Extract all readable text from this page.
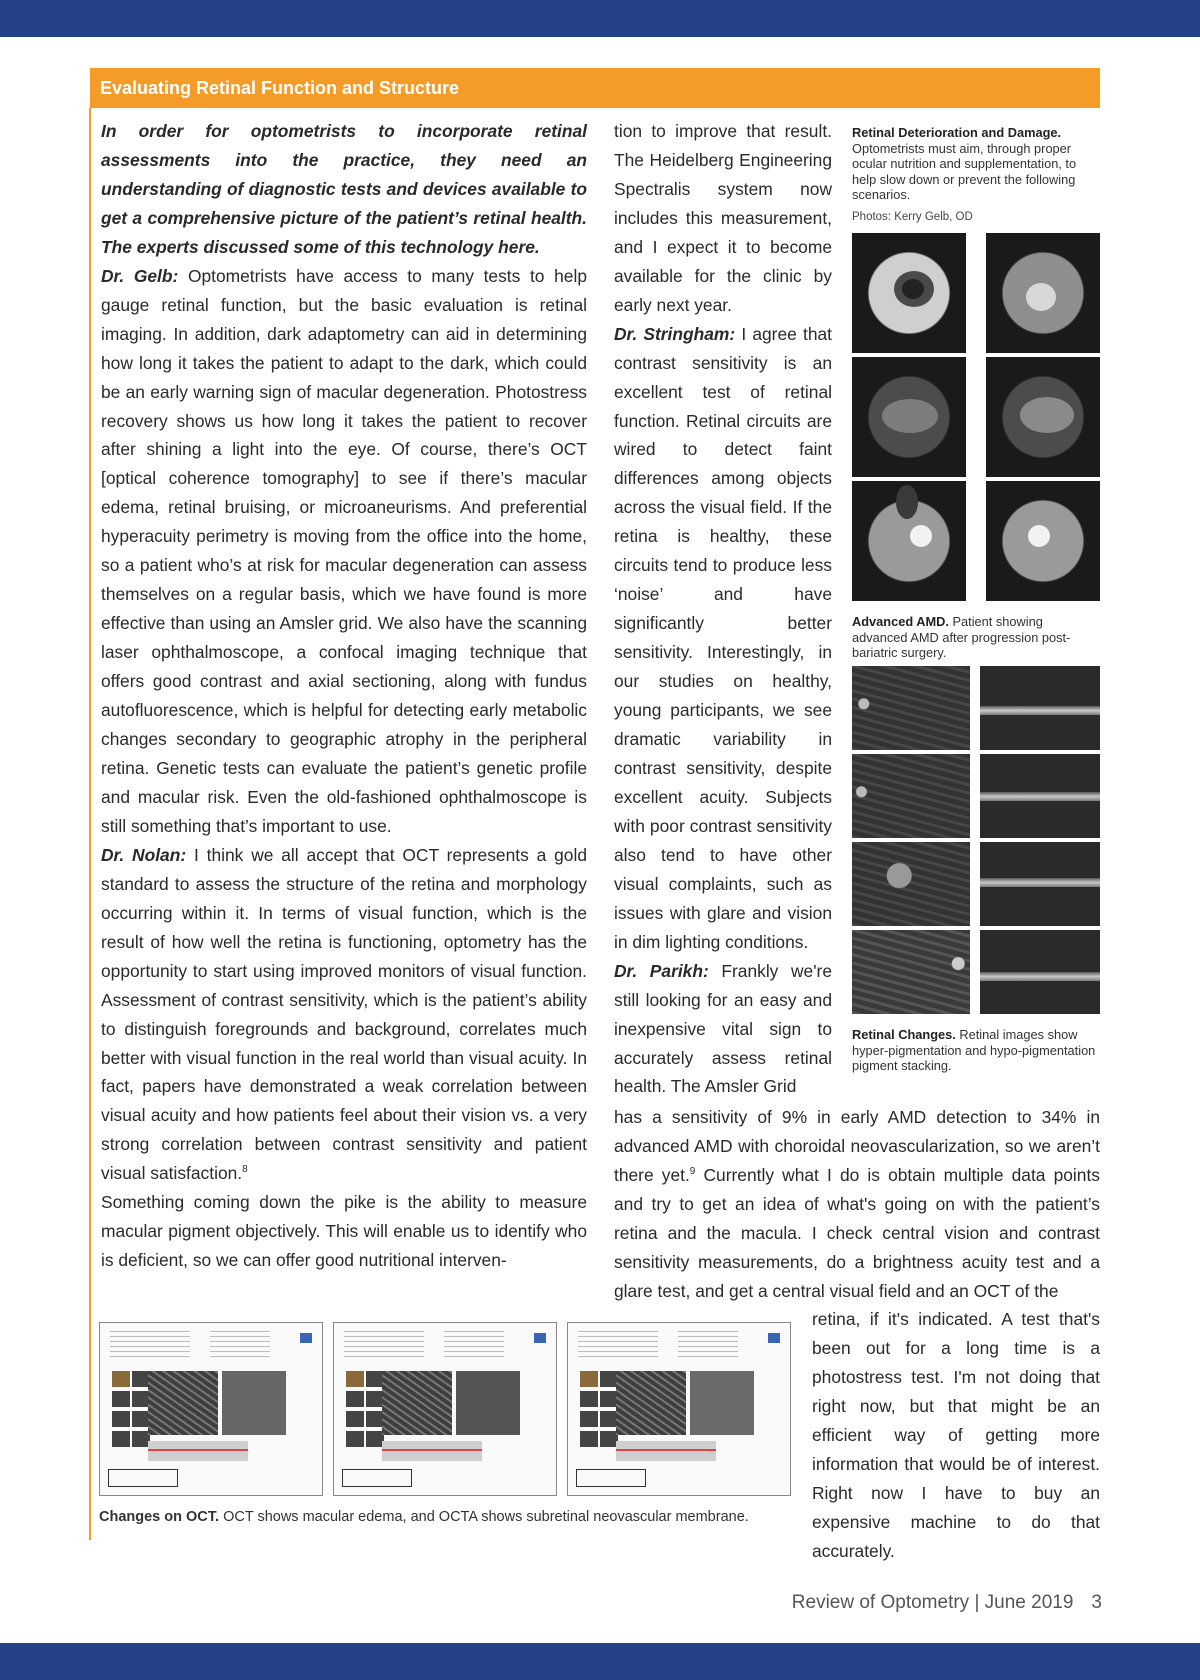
Evaluating Retinal Function and Structure

In order for optometrists to incorporate retinal assessments into the practice, they need an understanding of diagnostic tests and devices available to get a comprehensive picture of the patient’s retinal health. The experts discussed some of this technology here.

Dr. Gelb: Optometrists have access to many tests to help gauge retinal function, but the basic evaluation is retinal imaging. In addition, dark adaptometry can aid in determining how long it takes the patient to adapt to the dark, which could be an early warning sign of macular degeneration. Photostress recovery shows us how long it takes the patient to recover after shining a light into the eye. Of course, there’s OCT [optical coherence tomography] to see if there’s macular edema, retinal bruising, or microaneurisms. And preferential hyperacuity perimetry is moving from the office into the home, so a patient who’s at risk for macular degeneration can assess themselves on a regular basis, which we have found is more effective than using an Amsler grid. We also have the scanning laser ophthalmoscope, a confocal imaging technique that offers good contrast and axial sectioning, along with fundus autofluorescence, which is helpful for detecting early metabolic changes secondary to geographic atrophy in the peripheral retina. Genetic tests can evaluate the patient’s genetic profile and macular risk. Even the old-fashioned ophthalmoscope is still something that’s important to use.

Dr. Nolan: I think we all accept that OCT represents a gold standard to assess the structure of the retina and morphology occurring within it. In terms of visual function, which is the result of how well the retina is functioning, optometry has the opportunity to start using improved monitors of visual function. Assessment of contrast sensitivity, which is the patient’s ability to distinguish foregrounds and background, correlates much better with visual function in the real world than visual acuity. In fact, papers have demonstrated a weak correlation between visual acuity and how patients feel about their vision vs. a very strong correlation between contrast sensitivity and patient visual satisfaction.$^8$

Something coming down the pike is the ability to measure macular pigment objectively. This will enable us to identify who is deficient, so we can offer good nutritional interven-

tion to improve that result. The Heidelberg Engineering Spectralis system now includes this measurement, and I expect it to become available for the clinic by early next year.

Dr. Stringham: I agree that contrast sensitivity is an excellent test of retinal function. Retinal circuits are wired to detect faint differences among objects across the visual field. If the retina is healthy, these circuits tend to produce less ‘noise’ and have significantly better sensitivity. Interestingly, in our studies on healthy, young participants, we see dramatic variability in contrast sensitivity, despite excellent acuity. Subjects with poor contrast sensitivity also tend to have other visual complaints, such as issues with glare and vision in dim lighting conditions.

Dr. Parikh: Frankly we're still looking for an easy and inexpensive vital sign to accurately assess retinal health. The Amsler Grid

has a sensitivity of 9% in early AMD detection to 34% in advanced AMD with choroidal neovascularization, so we aren’t there yet.$^9$ Currently what I do is obtain multiple data points and try to get an idea of what's going on with the patient’s retina and the macula. I check central vision and contrast sensitivity measurements, do a brightness acuity test and a glare test, and get a central visual field and an OCT of the

retina, if it's indicated. A test that's been out for a long time is a photostress test. I'm not doing that right now, but that might be an efficient way of getting more information that would be of interest. Right now I have to buy an expensive machine to do that accurately.

Retinal Deterioration and Damage.
Optometrists must aim, through proper ocular nutrition and supplementation, to help slow down or prevent the following scenarios.
Photos: Kerry Gelb, OD
Advanced AMD. Patient showing advanced AMD after progression post-bariatric surgery.
Retinal Changes. Retinal images show hyper-pigmentation and hypo-pigmentation pigment stacking.
Changes on OCT. OCT shows macular edema, and OCTA shows subretinal neovascular membrane.
Review of Optometry | June 2019 3
